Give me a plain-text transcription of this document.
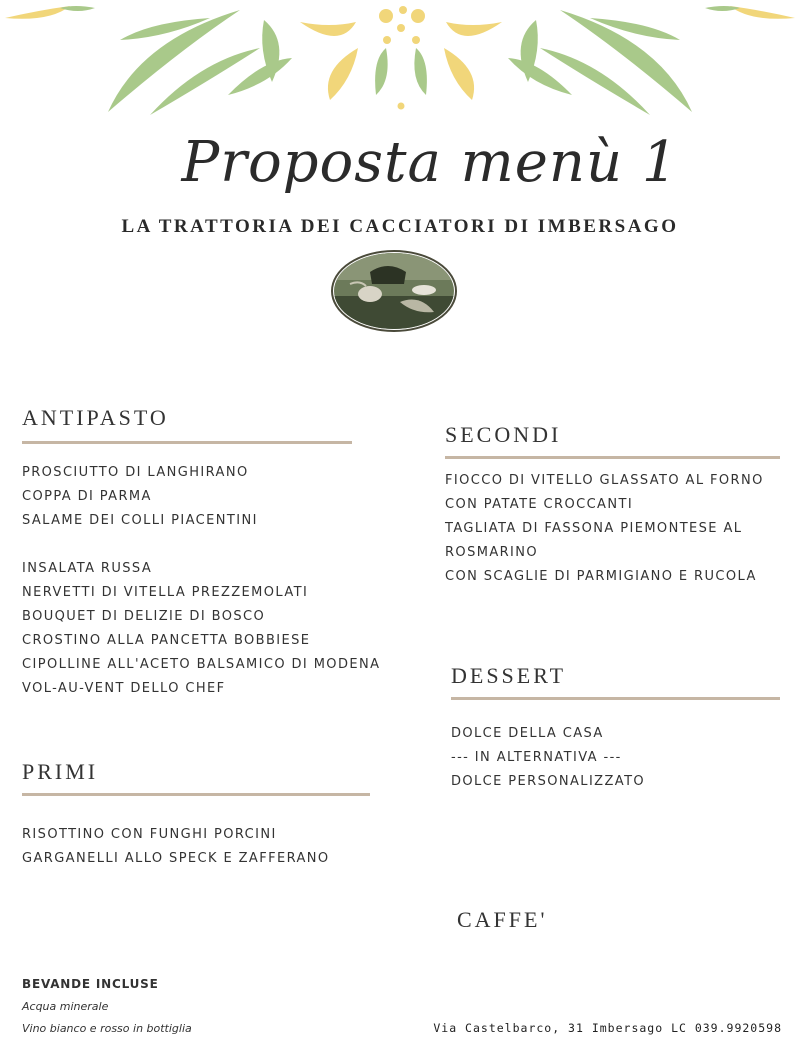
Proposta menù 1
LA TRATTORIA DEI CACCIATORI DI IMBERSAGO
ANTIPASTO
PROSCIUTTO DI LANGHIRANO
COPPA DI PARMA
SALAME DEI COLLI PIACENTINI
INSALATA RUSSA
NERVETTI DI VITELLA PREZZEMOLATI
BOUQUET DI DELIZIE DI BOSCO
CROSTINO ALLA PANCETTA BOBBIESE
CIPOLLINE ALL'ACETO BALSAMICO DI MODENA
VOL-AU-VENT DELLO CHEF
PRIMI
RISOTTINO CON FUNGHI PORCINI
GARGANELLI ALLO SPECK E ZAFFERANO
SECONDI
FIOCCO DI VITELLO GLASSATO AL FORNO
CON PATATE CROCCANTI
TAGLIATA DI FASSONA PIEMONTESE AL
ROSMARINO
CON SCAGLIE DI PARMIGIANO E RUCOLA
DESSERT
DOLCE DELLA CASA
--- IN ALTERNATIVA ---
DOLCE PERSONALIZZATO
CAFFE'
BEVANDE INCLUSE
Acqua minerale
Vino bianco e rosso in bottiglia	Via Castelbarco, 31 Imbersago LC 039.9920598
